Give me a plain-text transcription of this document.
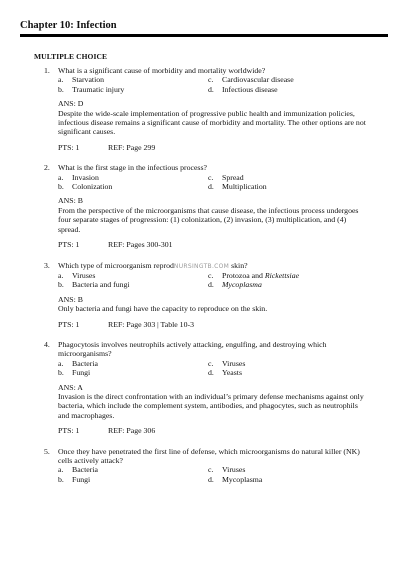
Chapter 10: Infection
MULTIPLE CHOICE
1. What is a significant cause of morbidity and mortality worldwide?

a.	Starvation	c.	Cardiovascular disease
b.	Traumatic injury	d.	Infectious disease
ANS: D
Despite the wide-scale implementation of progressive public health and immunization policies, infectious disease remains a significant cause of morbidity and mortality. The other options are not significant causes.
PTS: 1	REF: Page 299
2. What is the first stage in the infectious process?

a.	Invasion	c.	Spread
b.	Colonization	d.	Multiplication
ANS: B
From the perspective of the microorganisms that cause disease, the infectious process undergoes four separate stages of progression: (1) colonization, (2) invasion, (3) multiplication, and (4) spread.
PTS: 1	REF: Pages 300-301
3. Which type of microorganism reprodNURSINGTB.COM skin?

a.	Viruses	c.	Protozoa and Rickettsiae
b.	Bacteria and fungi	d.	Mycoplasma
ANS: B
Only bacteria and fungi have the capacity to reproduce on the skin.
PTS: 1	REF: Page 303 | Table 10-3
4. Phagocytosis involves neutrophils actively attacking, engulfing, and destroying which microorganisms?

a.	Bacteria	c.	Viruses
b.	Fungi	d.	Yeasts
ANS: A
Invasion is the direct confrontation with an individual’s primary defense mechanisms against only bacteria, which include the complement system, antibodies, and phagocytes, such as neutrophils and macrophages.
PTS: 1	REF: Page 306
5. Once they have penetrated the first line of defense, which microorganisms do natural killer (NK) cells actively attack?

a.	Bacteria	c.	Viruses
b.	Fungi	d.	Mycoplasma
